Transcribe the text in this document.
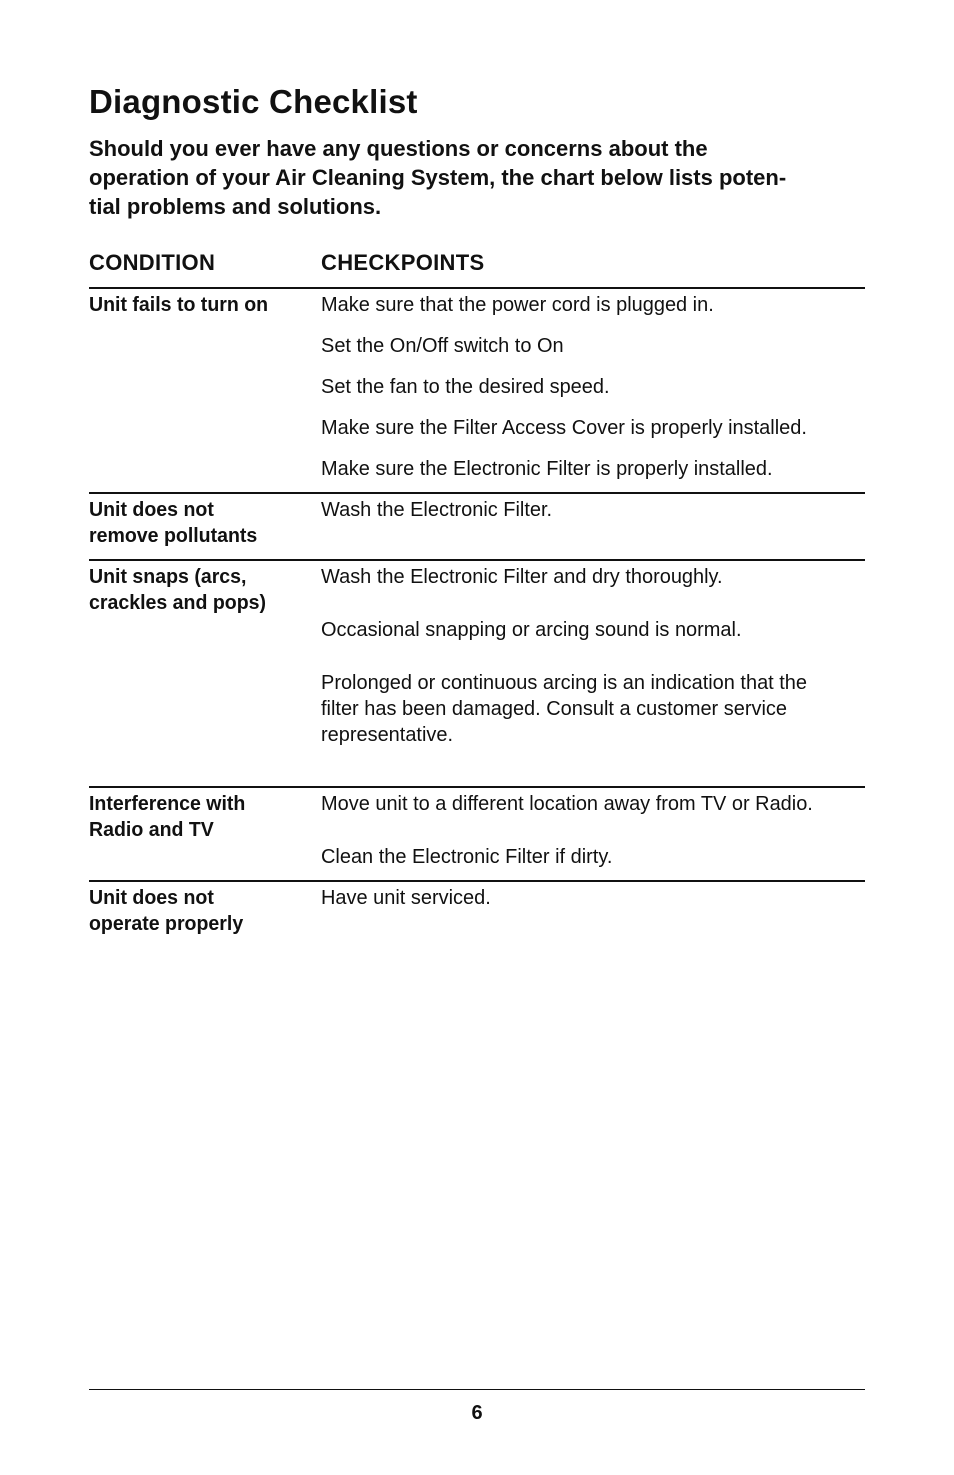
Diagnostic Checklist

Should you ever have any questions or concerns about the
operation of your Air Cleaning System, the chart below lists poten-
tial problems and solutions.

CONDITION	CHECKPOINTS
Unit fails to turn on	Make sure that the power cord is plugged in.
Set the On/Off switch to On
Set the fan to the desired speed.
Make sure the Filter Access Cover is properly installed.
Make sure the Electronic Filter is properly installed.
Unit does not
remove pollutants
Wash the Electronic Filter.
Unit snaps (arcs,
crackles and pops)
Wash the Electronic Filter and dry thoroughly.
Occasional snapping or arcing sound is normal.
Prolonged or continuous arcing is an indication that the
filter has been damaged. Consult a customer service
representative.
Interference with
Radio and TV
Move unit to a different location away from TV or Radio.
Clean the Electronic Filter if dirty.
Unit does not
operate properly
Have unit serviced.
6
